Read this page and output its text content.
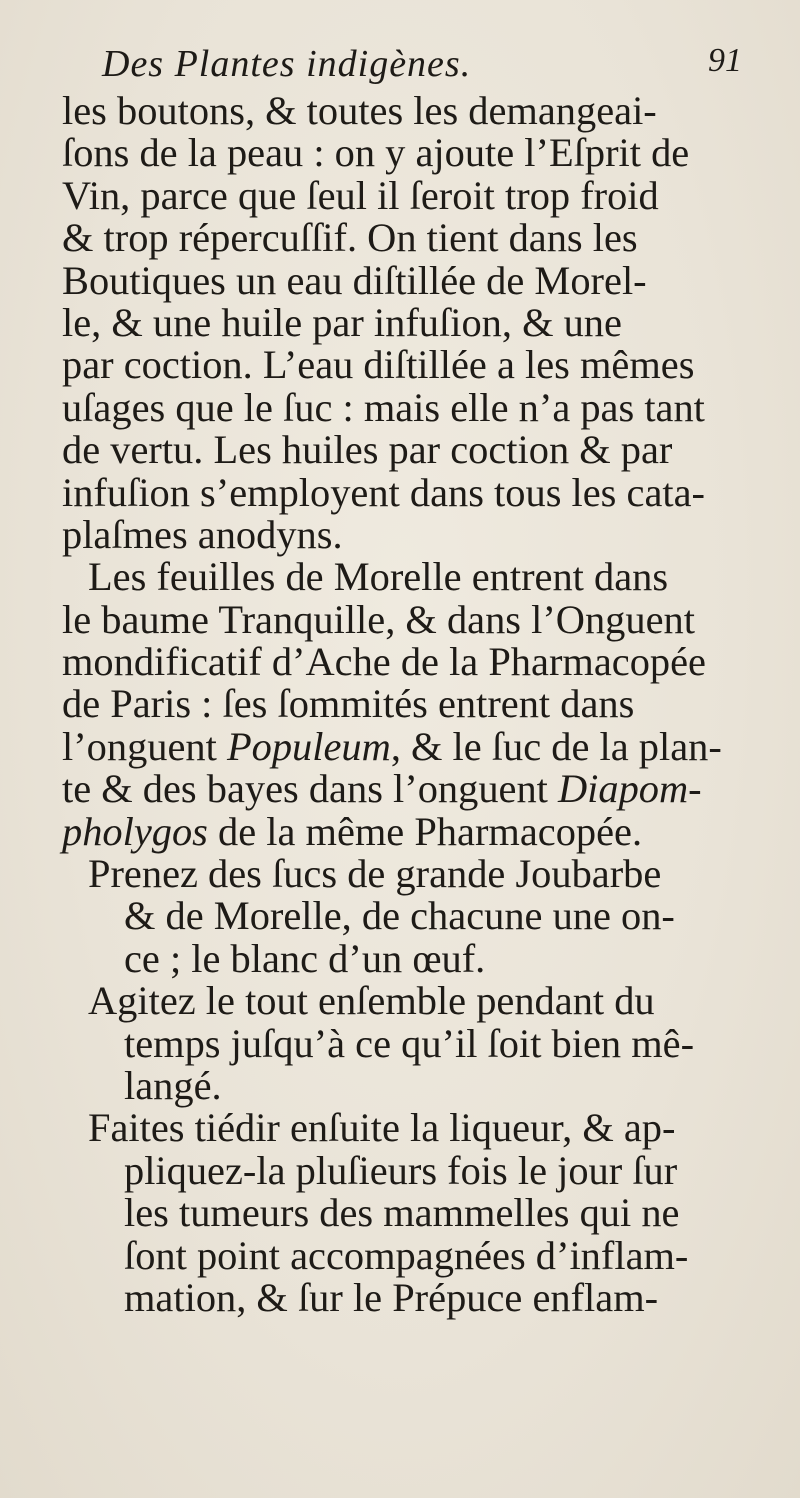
Des Plantes indigènes.	91
les boutons, & toutes les demangeai-
ſons de la peau : on y ajoute l’Eſprit de
Vin, parce que ſeul il ſeroit trop froid
& trop répercuſſif. On tient dans les
Boutiques un eau diſtillée de Morel-
le, & une huile par infuſion, & une
par coction. L’eau diſtillée a les mêmes
uſages que le ſuc : mais elle n’a pas tant
de vertu. Les huiles par coction & par
infuſion s’employent dans tous les cata-
plaſmes anodyns.
Les feuilles de Morelle entrent dans
le baume Tranquille, & dans l’Onguent
mondificatif d’Ache de la Pharmacopée
de Paris : ſes ſommités entrent dans
l’onguent Populeum, & le ſuc de la plan-
te & des bayes dans l’onguent Diapom-
pholygos de la même Pharmacopée.
Prenez des ſucs de grande Joubarbe
& de Morelle, de chacune une on-
ce ; le blanc d’un œuf.
Agitez le tout enſemble pendant du
temps juſqu’à ce qu’il ſoit bien mê-
langé.
Faites tiédir enſuite la liqueur, & ap-
pliquez-la pluſieurs fois le jour ſur
les tumeurs des mammelles qui ne
ſont point accompagnées d’inflam-
mation, & ſur le Prépuce enflam-
